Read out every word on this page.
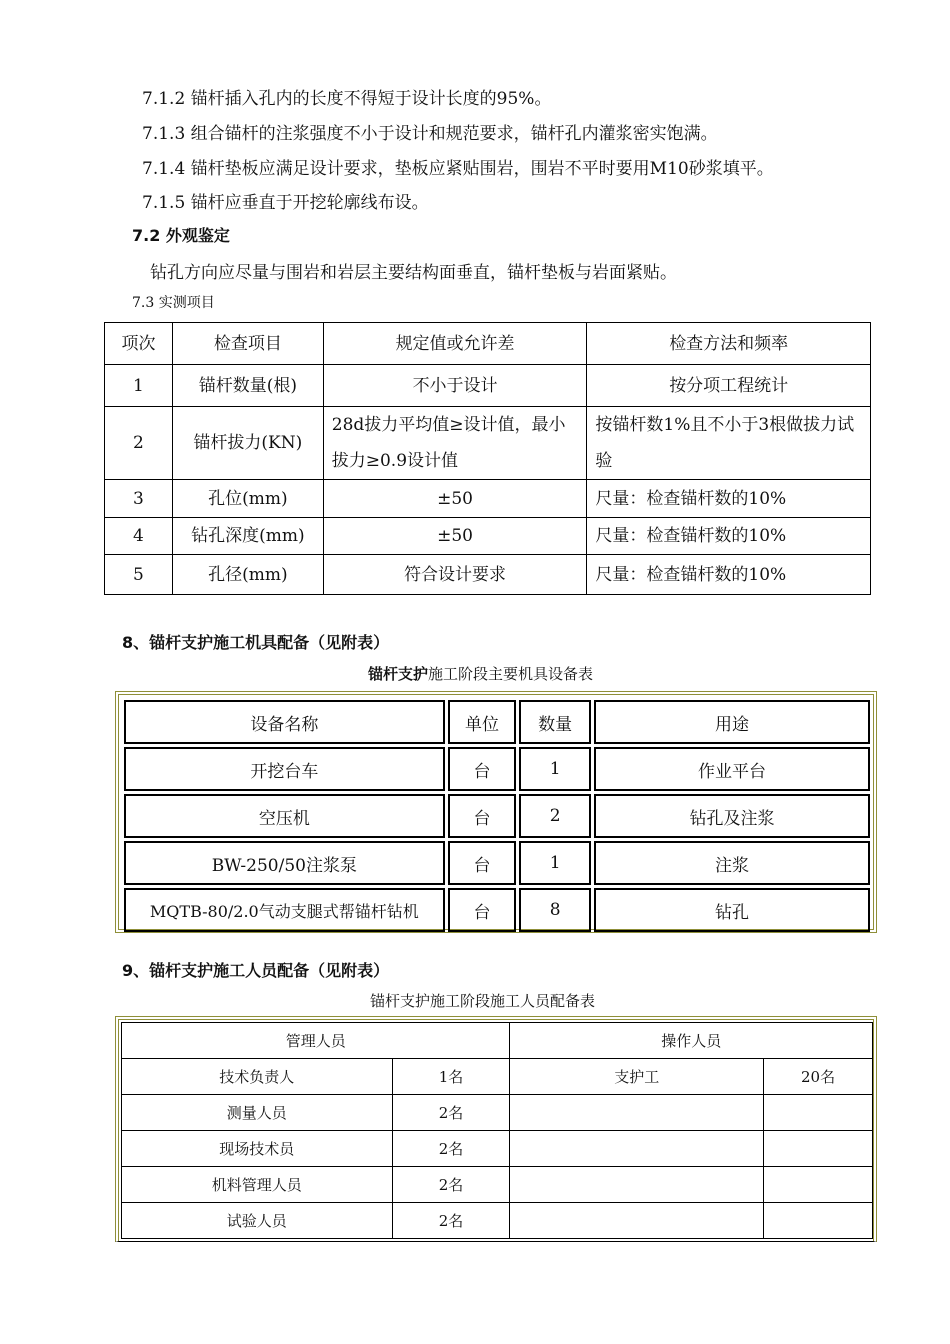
7.1.2 锚杆插入孔内的长度不得短于设计长度的95%。
7.1.3 组合锚杆的注浆强度不小于设计和规范要求，锚杆孔内灌浆密实饱满。
7.1.4 锚杆垫板应满足设计要求，垫板应紧贴围岩，围岩不平时要用M10砂浆填平。
7.1.5 锚杆应垂直于开挖轮廓线布设。
7.2 外观鉴定
钻孔方向应尽量与围岩和岩层主要结构面垂直，锚杆垫板与岩面紧贴。
7.3 实测项目
项次	检查项目	规定值或允许差	检查方法和频率
1	锚杆数量(根)	不小于设计	按分项工程统计
2	锚杆拔力(KN)	28d拔力平均值≥设计值，最小拔力≥0.9设计值	按锚杆数1%且不小于3根做拔力试验
3	孔位(mm)	±50	尺量：检查锚杆数的10%
4	钻孔深度(mm)	±50	尺量：检查锚杆数的10%
5	孔径(mm)	符合设计要求	尺量：检查锚杆数的10%
8、锚杆支护施工机具配备（见附表）
锚杆支护施工阶段主要机具设备表
设备名称	单位	数量	用途
开挖台车	台	1	作业平台
空压机	台	2	钻孔及注浆
BW-250/50注浆泵	台	1	注浆
MQTB-80/2.0气动支腿式帮锚杆钻机	台	8	钻孔
9、锚杆支护施工人员配备（见附表）
锚杆支护施工阶段施工人员配备表
管理人员		操作人员	
技术负责人	1名	支护工	20名
测量人员	2名		
现场技术员	2名		
机料管理人员	2名		
试验人员	2名		
